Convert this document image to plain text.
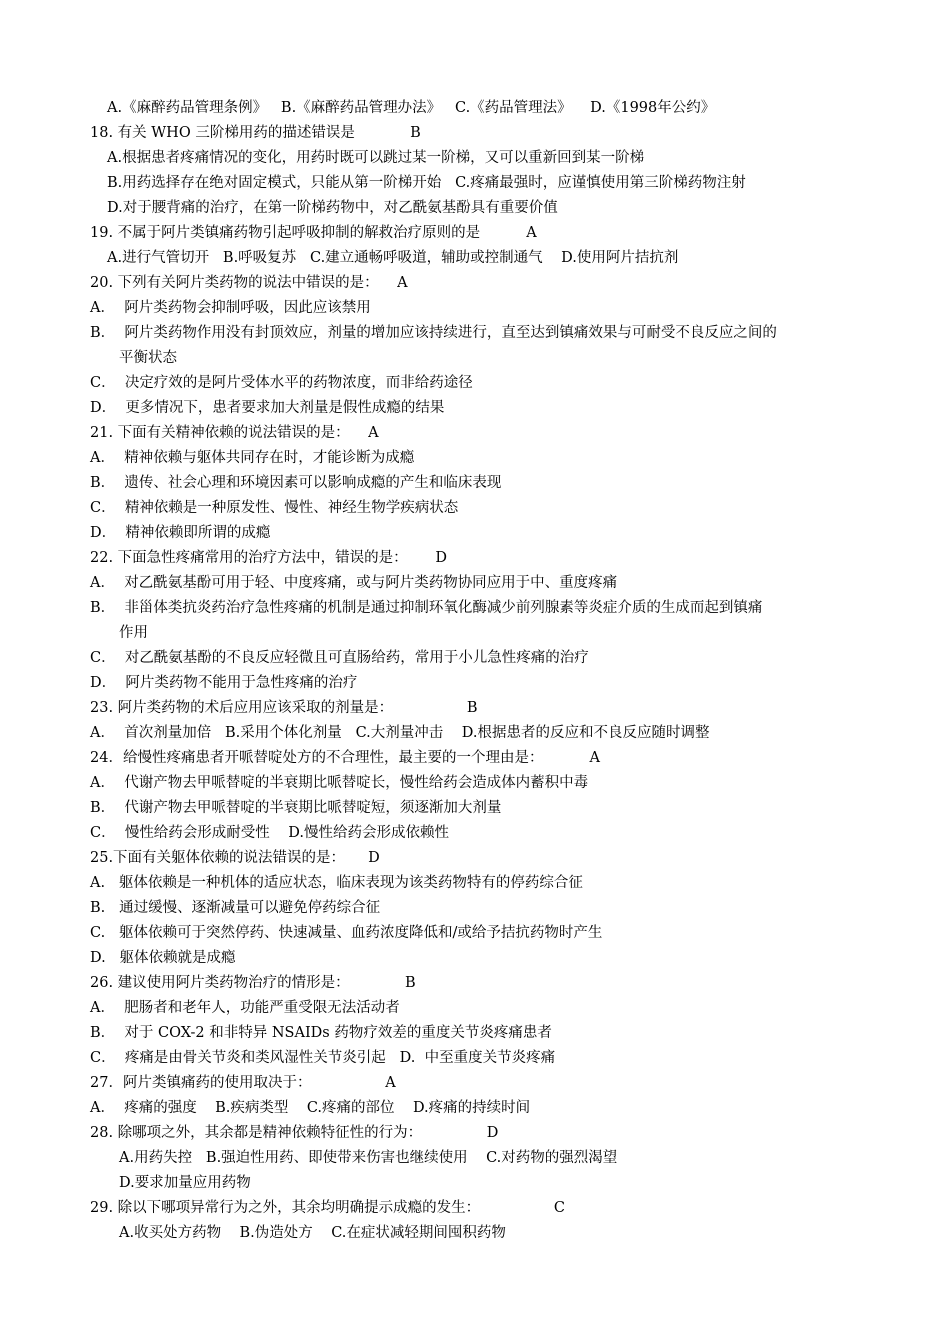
A.《麻醉药品管理条例》   B.《麻醉药品管理办法》   C.《药品管理法》    D.《1998年公约》
18. 有关 WHO 三阶梯用药的描述错误是            B
A.根据患者疼痛情况的变化，用药时既可以跳过某一阶梯，又可以重新回到某一阶梯
B.用药选择存在绝对固定模式，只能从第一阶梯开始   C.疼痛最强时，应谨慎使用第三阶梯药物注射
D.对于腰背痛的治疗，在第一阶梯药物中，对乙酰氨基酚具有重要价值
19. 不属于阿片类镇痛药物引起呼吸抑制的解救治疗原则的是          A
A.进行气管切开   B.呼吸复苏   C.建立通畅呼吸道，辅助或控制通气    D.使用阿片拮抗剂
20. 下列有关阿片类药物的说法中错误的是：    A
A．  阿片类药物会抑制呼吸，因此应该禁用
B．  阿片类药物作用没有封顶效应，剂量的增加应该持续进行，直至达到镇痛效果与可耐受不良反应之间的
平衡状态
C．  决定疗效的是阿片受体水平的药物浓度，而非给药途径
D．  更多情况下，患者要求加大剂量是假性成瘾的结果
21. 下面有关精神依赖的说法错误的是：    A
A．  精神依赖与躯体共同存在时，才能诊断为成瘾
B．  遗传、社会心理和环境因素可以影响成瘾的产生和临床表现
C．  精神依赖是一种原发性、慢性、神经生物学疾病状态
D．  精神依赖即所谓的成瘾
22. 下面急性疼痛常用的治疗方法中，错误的是：      D
A．  对乙酰氨基酚可用于轻、中度疼痛，或与阿片类药物协同应用于中、重度疼痛
B．  非甾体类抗炎药治疗急性疼痛的机制是通过抑制环氧化酶减少前列腺素等炎症介质的生成而起到镇痛
作用
C．  对乙酰氨基酚的不良反应轻微且可直肠给药，常用于小儿急性疼痛的治疗
D．  阿片类药物不能用于急性疼痛的治疗
23. 阿片类药物的术后应用应该采取的剂量是：                B
A．  首次剂量加倍   B.采用个体化剂量   C.大剂量冲击    D.根据患者的反应和不良反应随时调整
24．给慢性疼痛患者开哌替啶处方的不合理性，最主要的一个理由是：          A
A．  代谢产物去甲哌替啶的半衰期比哌替啶长，慢性给药会造成体内蓄积中毒
B．  代谢产物去甲哌替啶的半衰期比哌替啶短，须逐渐加大剂量
C．  慢性给药会形成耐受性    D.慢性给药会形成依赖性
25.下面有关躯体依赖的说法错误的是：     D
A.   躯体依赖是一种机体的适应状态，临床表现为该类药物特有的停药综合征
B.   通过缓慢、逐渐减量可以避免停药综合征
C.   躯体依赖可于突然停药、快速减量、血药浓度降低和/或给予拮抗药物时产生
D.   躯体依赖就是成瘾
26. 建议使用阿片类药物治疗的情形是：            B
A．  肥肠者和老年人，功能严重受限无法活动者
B．  对于 COX-2 和非特异 NSAIDs 药物疗效差的重度关节炎疼痛患者
C．  疼痛是由骨关节炎和类风湿性关节炎引起   D.  中至重度关节炎疼痛
27．阿片类镇痛药的使用取决于：                A
A．  疼痛的强度    B.疾病类型    C.疼痛的部位    D.疼痛的持续时间
28. 除哪项之外，其余都是精神依赖特征性的行为：              D
A.用药失控   B.强迫性用药、即使带来伤害也继续使用    C.对药物的强烈渴望
D.要求加量应用药物
29. 除以下哪项异常行为之外，其余均明确提示成瘾的发生：                C
A.收买处方药物    B.伪造处方    C.在症状减轻期间囤积药物
